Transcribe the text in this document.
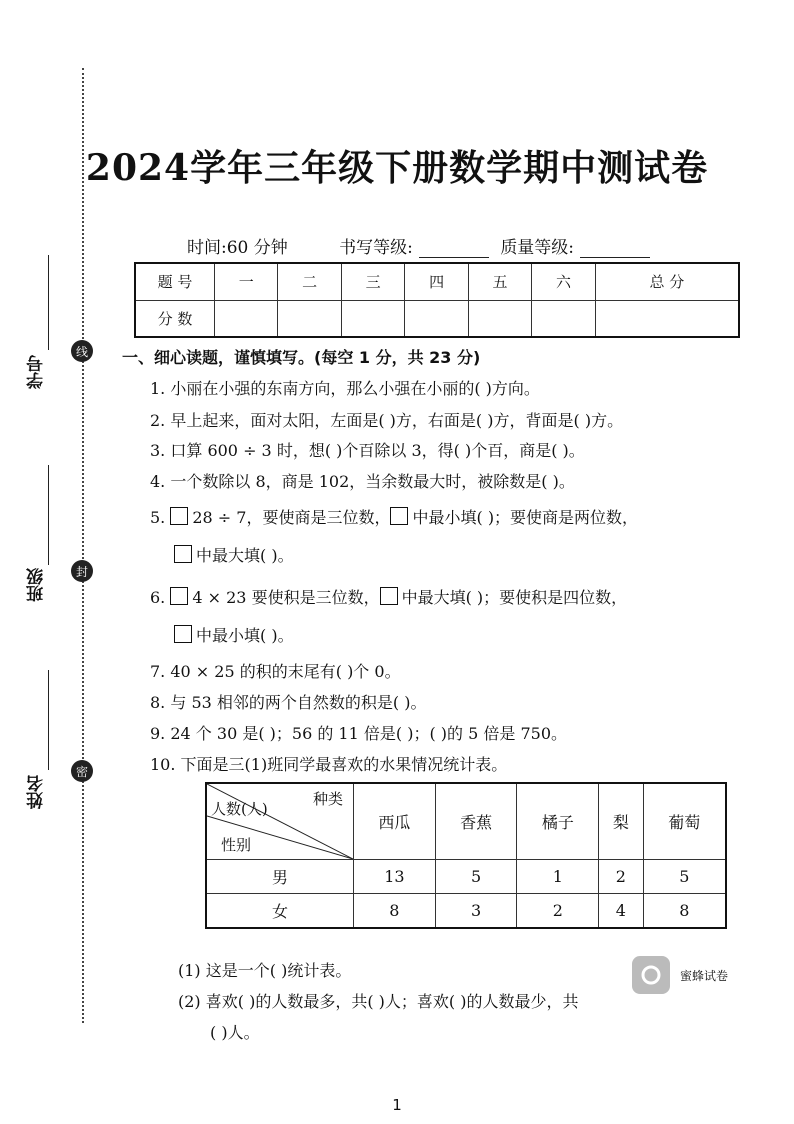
线
封
密
学号
班级
姓名
2024学年三年级下册数学期中测试卷
时间:60 分钟	书写等级:	质量等级:
题 号	一	二	三	四	五	六	总 分
分 数							
一、细心读题，谨慎填写。(每空 1 分，共 23 分)
1. 小丽在小强的东南方向，那么小强在小丽的( )方向。
2. 早上起来，面对太阳，左面是( )方，右面是( )方，背面是( )方。
3. 口算 600 ÷ 3 时，想( )个百除以 3，得( )个百，商是( )。
4. 一个数除以 8，商是 102，当余数最大时，被除数是( )。
5. 28 ÷ 7，要使商是三位数， 中最小填( )；要使商是两位数，
中最大填( )。
6. 4 × 23 要使积是三位数， 中最大填( )；要使积是四位数，
中最小填( )。
7. 40 × 25 的积的末尾有( )个 0。
8. 与 53 相邻的两个自然数的积是( )。
9. 24 个 30 是( )；56 的 11 倍是( )；( )的 5 倍是 750。
10. 下面是三(1)班同学最喜欢的水果情况统计表。
人数(人)
种类
性别	西瓜	香蕉	橘子	梨	葡萄
男	13	5	1	2	5
女	8	3	2	4	8
(1) 这是一个( )统计表。
(2) 喜欢( )的人数最多，共( )人；喜欢( )的人数最少，共
( )人。
蜜蜂试卷
1
